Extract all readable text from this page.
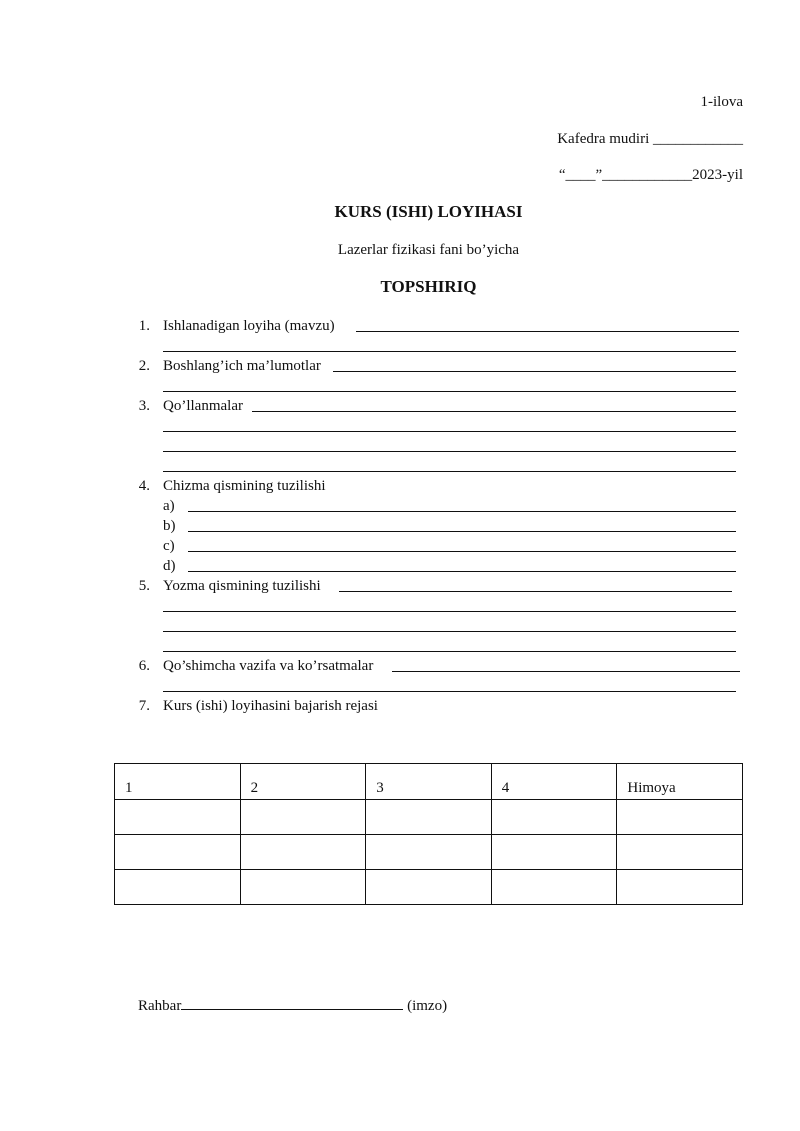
1-ilova
Kafedra mudiri ____________
“____”____________2023-yil
KURS (ISHI) LOYIHASI
Lazerlar fizikasi fani bo’yicha
TOPSHIRIQ
1. Ishlanadigan loyiha (mavzu)
2. Boshlang’ich ma’lumotlar
3. Qo’llanmalar
4. Chizma qismining tuzilishi
a)
b)
c)
d)
5. Yozma qismining tuzilishi
6. Qo’shimcha vazifa va ko’rsatmalar
7. Kurs (ishi) loyihasini bajarish rejasi
1	2	3	4	Himoya

Rahbar	(imzo)
